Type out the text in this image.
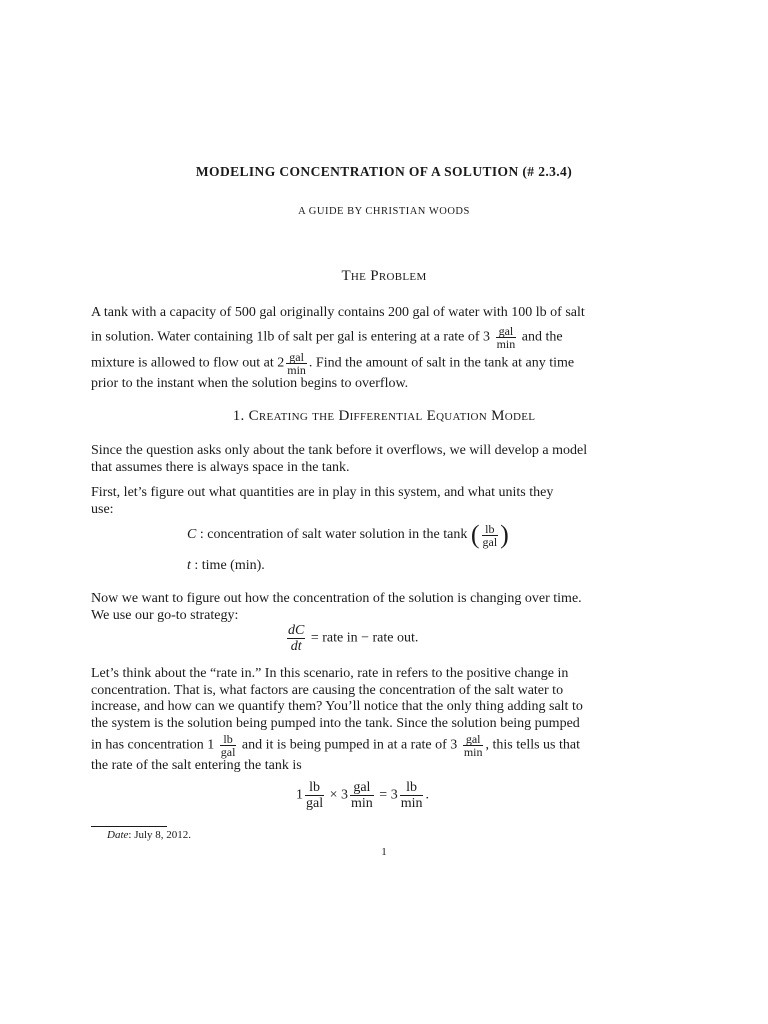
MODELING CONCENTRATION OF A SOLUTION (# 2.3.4)
A GUIDE BY CHRISTIAN WOODS
The Problem
A tank with a capacity of 500 gal originally contains 200 gal of water with 100 lb of salt
in solution. Water containing 1lb of salt per gal is entering at a rate of $3 \frac{\text{gal}}{\min}$ and the
mixture is allowed to flow out at $2 \frac{\text{gal}}{\min}$ . Find the amount of salt in the tank at any time
prior to the instant when the solution begins to overflow.
1. Creating the Differential Equation Model
Since the question asks only about the tank before it overflows, we will develop a model
that assumes there is always space in the tank.
First, let’s figure out what quantities are in play in this system, and what units they
use:
C : concentration of salt water solution in the tank ( $\frac{lb}{\text{gal}}$ )
t : time (min).
Now we want to figure out how the concentration of the solution is changing over time.
We use our go-to strategy:
$\frac{dC}{dt}$ = rate in − rate out.
Let’s think about the “rate in.” In this scenario, rate in refers to the positive change in
concentration. That is, what factors are causing the concentration of the salt water to
increase, and how can we quantify them? You’ll notice that the only thing adding salt to
the system is the solution being pumped into the tank. Since the solution being pumped
in has concentration $1 \frac{lb}{\text{gal}}$ and it is being pumped in at a rate of $3 \frac{\text{gal}}{\min}$ , this tells us that
the rate of the salt entering the tank is
$1 \frac{lb}{\text{gal}} \times 3 \frac{\text{gal}}{\min} = 3 \frac{lb}{\min}$ .
Date: July 8, 2012.
1
